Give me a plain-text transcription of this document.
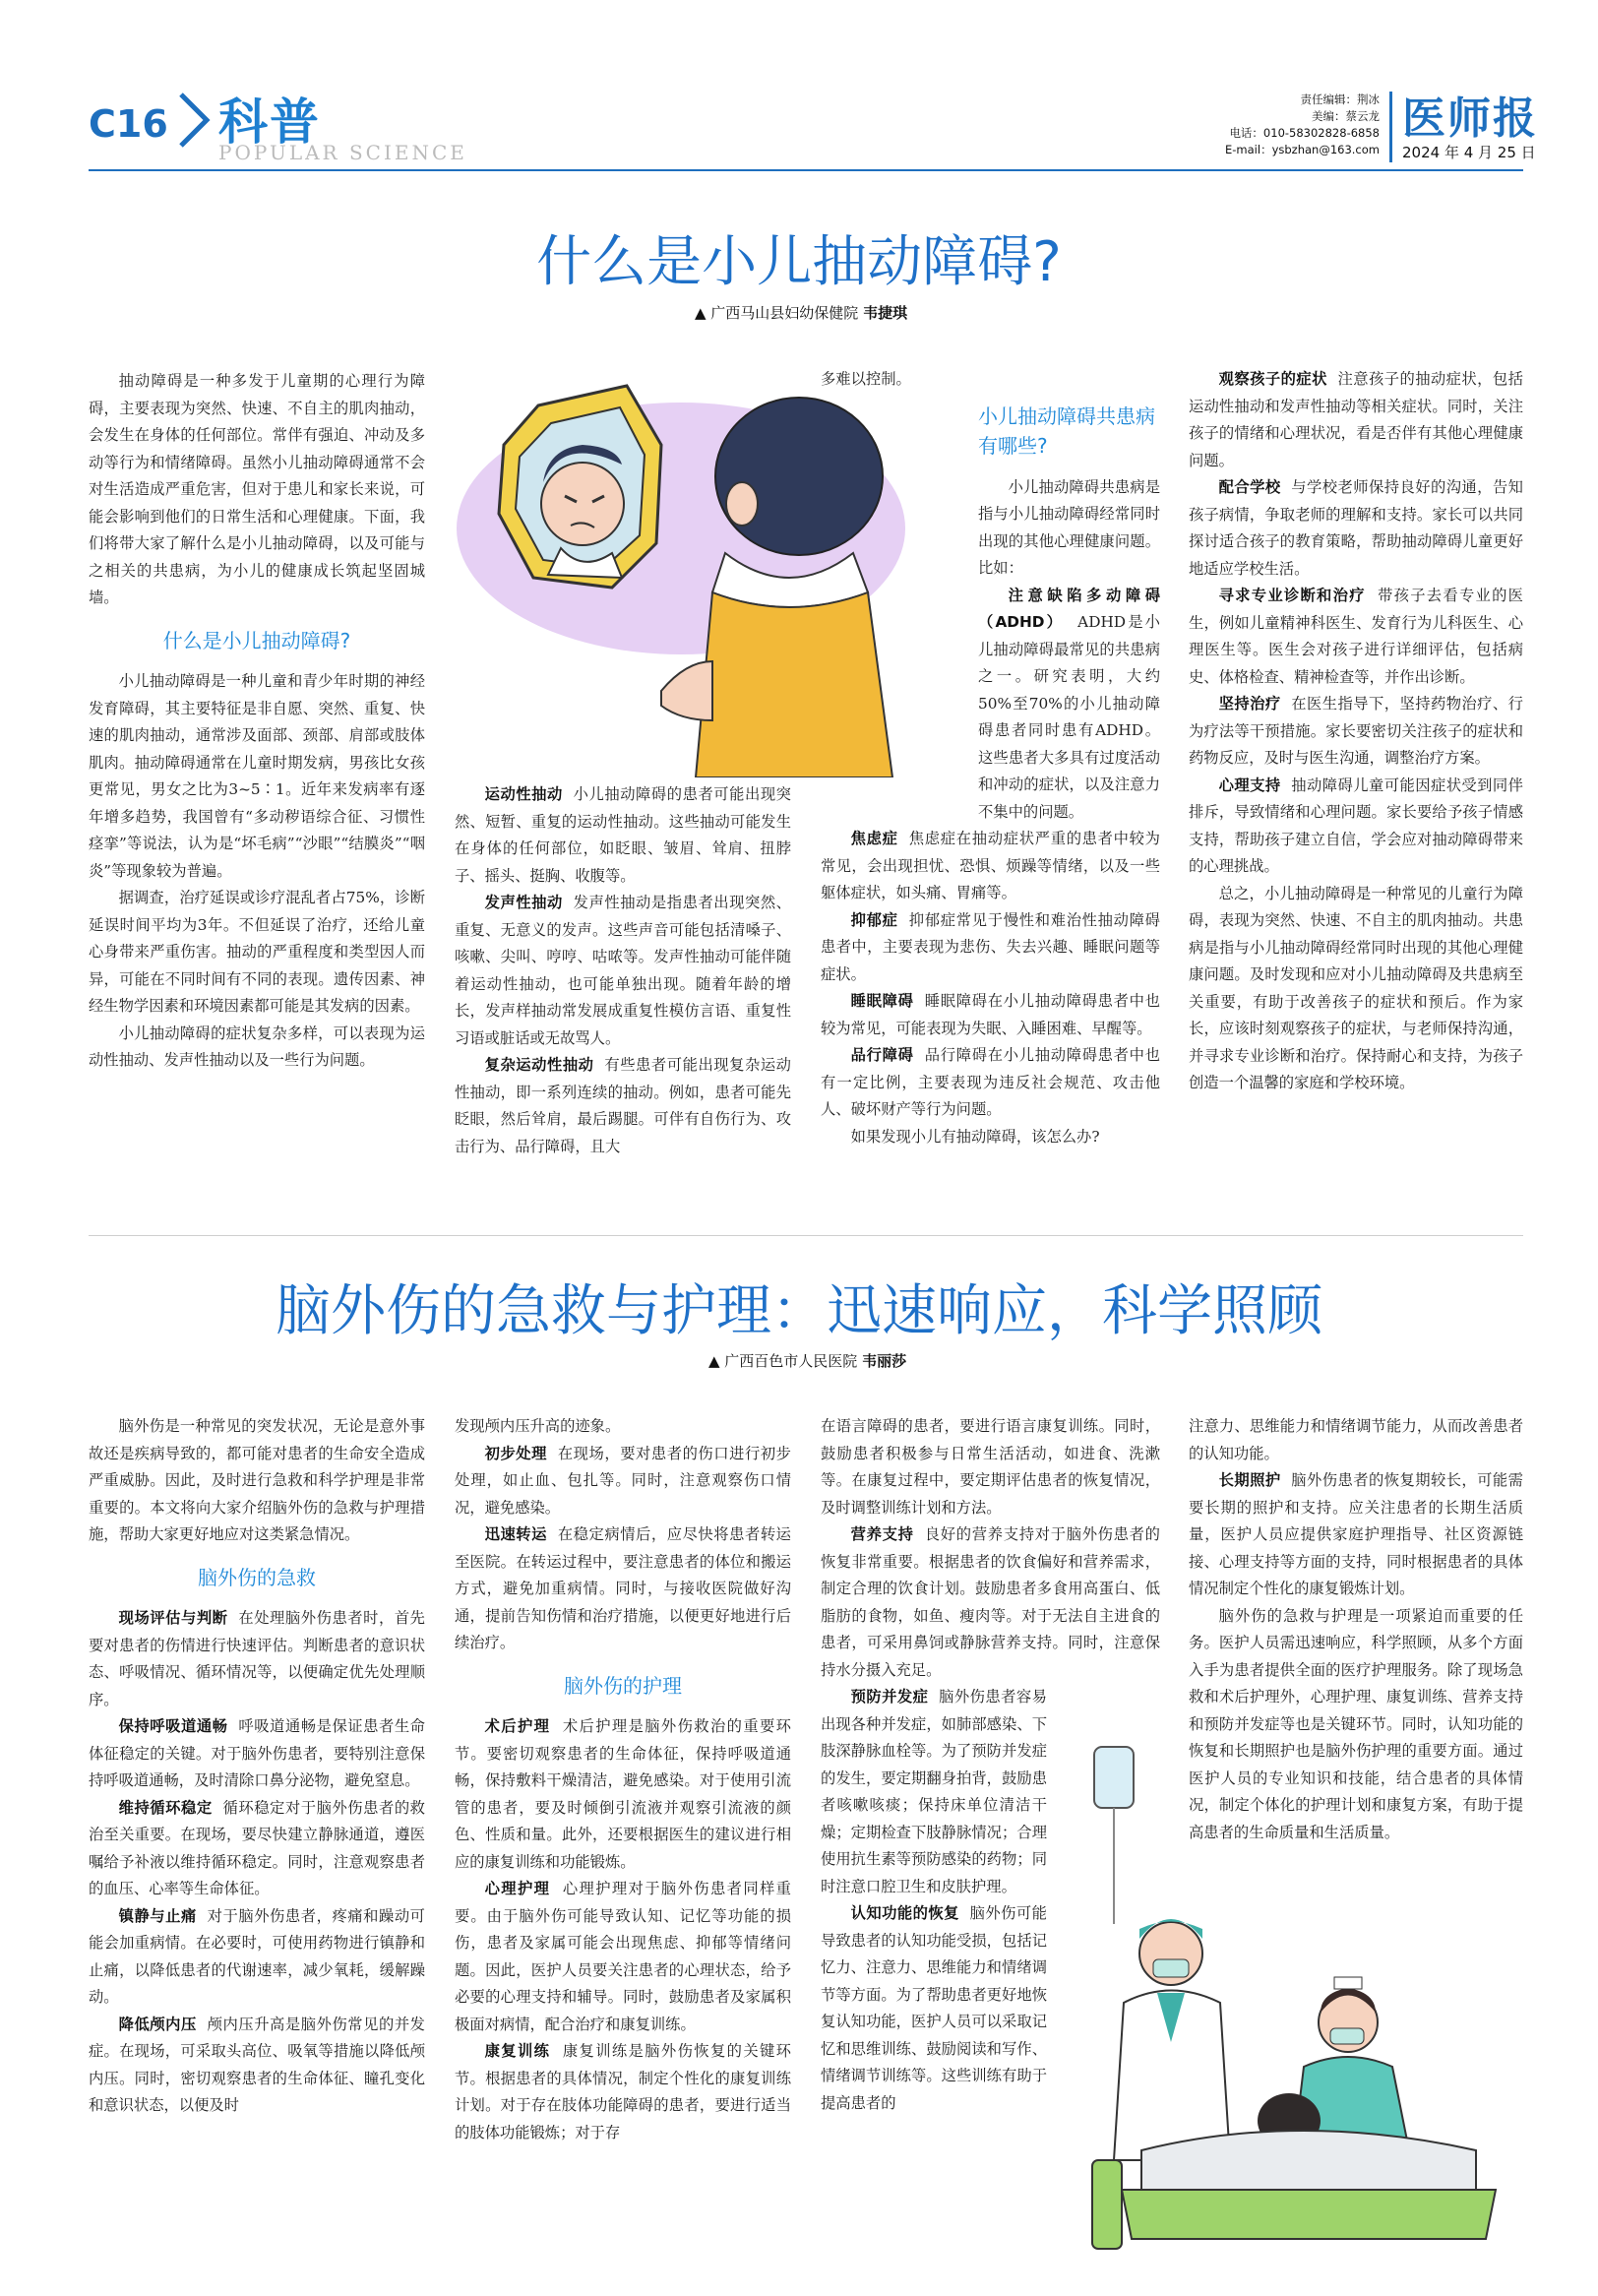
C16 科普
POPULAR SCIENCE
责任编辑：荆冰
美编：蔡云龙
电话：010-58302828-6858
E-mail：ysbzhan@163.com
医师报
2024 年 4 月 25 日
什么是小儿抽动障碍?
▲ 广西马山县妇幼保健院 韦捷琪

抽动障碍是一种多发于儿童期的心理行为障碍，主要表现为突然、快速、不自主的肌肉抽动，会发生在身体的任何部位。常伴有强迫、冲动及多动等行为和情绪障碍。虽然小儿抽动障碍通常不会对生活造成严重危害，但对于患儿和家长来说，可能会影响到他们的日常生活和心理健康。下面，我们将带大家了解什么是小儿抽动障碍，以及可能与之相关的共患病，为小儿的健康成长筑起坚固城墙。

什么是小儿抽动障碍?

小儿抽动障碍是一种儿童和青少年时期的神经发育障碍，其主要特征是非自愿、突然、重复、快速的肌肉抽动，通常涉及面部、颈部、肩部或肢体肌肉。抽动障碍通常在儿童时期发病，男孩比女孩更常见，男女之比为3~5∶1。近年来发病率有逐年增多趋势，我国曾有“多动秽语综合征、习惯性痉挛”等说法，认为是“坏毛病”“沙眼”“结膜炎”“咽炎”等现象较为普遍。

据调查，治疗延误或诊疗混乱者占75%，诊断延误时间平均为3年。不但延误了治疗，还给儿童心身带来严重伤害。抽动的严重程度和类型因人而异，可能在不同时间有不同的表现。遗传因素、神经生物学因素和环境因素都可能是其发病的因素。

小儿抽动障碍的症状复杂多样，可以表现为运动性抽动、发声性抽动以及一些行为问题。

运动性抽动 小儿抽动障碍的患者可能出现突然、短暂、重复的运动性抽动。这些抽动可能发生在身体的任何部位，如眨眼、皱眉、耸肩、扭脖子、摇头、挺胸、收腹等。

发声性抽动 发声性抽动是指患者出现突然、重复、无意义的发声。这些声音可能包括清嗓子、咳嗽、尖叫、哼哼、咕哝等。发声性抽动可能伴随着运动性抽动，也可能单独出现。随着年龄的增长，发声样抽动常发展成重复性模仿言语、重复性习语或脏话或无故骂人。

复杂运动性抽动 有些患者可能出现复杂运动性抽动，即一系列连续的抽动。例如，患者可能先眨眼，然后耸肩，最后踢腿。可伴有自伤行为、攻击行为、品行障碍，且大

多难以控制。

小儿抽动障碍共患病有哪些?

小儿抽动障碍共患病是指与小儿抽动障碍经常同时出现的其他心理健康问题。比如：

注意缺陷多动障碍（ADHD） ADHD是小儿抽动障碍最常见的共患病之一。研究表明，大约50%至70%的小儿抽动障碍患者同时患有ADHD。这些患者大多具有过度活动和冲动的症状，以及注意力不集中的问题。

焦虑症 焦虑症在抽动症状严重的患者中较为常见，会出现担忧、恐惧、烦躁等情绪，以及一些躯体症状，如头痛、胃痛等。

抑郁症 抑郁症常见于慢性和难治性抽动障碍患者中，主要表现为悲伤、失去兴趣、睡眠问题等症状。

睡眠障碍 睡眠障碍在小儿抽动障碍患者中也较为常见，可能表现为失眠、入睡困难、早醒等。

品行障碍 品行障碍在小儿抽动障碍患者中也有一定比例，主要表现为违反社会规范、攻击他人、破坏财产等行为问题。

如果发现小儿有抽动障碍，该怎么办?

观察孩子的症状 注意孩子的抽动症状，包括运动性抽动和发声性抽动等相关症状。同时，关注孩子的情绪和心理状况，看是否伴有其他心理健康问题。

配合学校 与学校老师保持良好的沟通，告知孩子病情，争取老师的理解和支持。家长可以共同探讨适合孩子的教育策略，帮助抽动障碍儿童更好地适应学校生活。

寻求专业诊断和治疗 带孩子去看专业的医生，例如儿童精神科医生、发育行为儿科医生、心理医生等。医生会对孩子进行详细评估，包括病史、体格检查、精神检查等，并作出诊断。

坚持治疗 在医生指导下，坚持药物治疗、行为疗法等干预措施。家长要密切关注孩子的症状和药物反应，及时与医生沟通，调整治疗方案。

心理支持 抽动障碍儿童可能因症状受到同伴排斥，导致情绪和心理问题。家长要给予孩子情感支持，帮助孩子建立自信，学会应对抽动障碍带来的心理挑战。

总之，小儿抽动障碍是一种常见的儿童行为障碍，表现为突然、快速、不自主的肌肉抽动。共患病是指与小儿抽动障碍经常同时出现的其他心理健康问题。及时发现和应对小儿抽动障碍及共患病至关重要，有助于改善孩子的症状和预后。作为家长，应该时刻观察孩子的症状，与老师保持沟通，并寻求专业诊断和治疗。保持耐心和支持，为孩子创造一个温馨的家庭和学校环境。

脑外伤的急救与护理：迅速响应，科学照顾
▲ 广西百色市人民医院 韦丽莎

脑外伤是一种常见的突发状况，无论是意外事故还是疾病导致的，都可能对患者的生命安全造成严重威胁。因此，及时进行急救和科学护理是非常重要的。本文将向大家介绍脑外伤的急救与护理措施，帮助大家更好地应对这类紧急情况。

脑外伤的急救

现场评估与判断 在处理脑外伤患者时，首先要对患者的伤情进行快速评估。判断患者的意识状态、呼吸情况、循环情况等，以便确定优先处理顺序。

保持呼吸道通畅 呼吸道通畅是保证患者生命体征稳定的关键。对于脑外伤患者，要特别注意保持呼吸道通畅，及时清除口鼻分泌物，避免窒息。

维持循环稳定 循环稳定对于脑外伤患者的救治至关重要。在现场，要尽快建立静脉通道，遵医嘱给予补液以维持循环稳定。同时，注意观察患者的血压、心率等生命体征。

镇静与止痛 对于脑外伤患者，疼痛和躁动可能会加重病情。在必要时，可使用药物进行镇静和止痛，以降低患者的代谢速率，减少氧耗，缓解躁动。

降低颅内压 颅内压升高是脑外伤常见的并发症。在现场，可采取头高位、吸氧等措施以降低颅内压。同时，密切观察患者的生命体征、瞳孔变化和意识状态，以便及时

发现颅内压升高的迹象。

初步处理 在现场，要对患者的伤口进行初步处理，如止血、包扎等。同时，注意观察伤口情况，避免感染。

迅速转运 在稳定病情后，应尽快将患者转运至医院。在转运过程中，要注意患者的体位和搬运方式，避免加重病情。同时，与接收医院做好沟通，提前告知伤情和治疗措施，以便更好地进行后续治疗。

脑外伤的护理

术后护理 术后护理是脑外伤救治的重要环节。要密切观察患者的生命体征，保持呼吸道通畅，保持敷料干燥清洁，避免感染。对于使用引流管的患者，要及时倾倒引流液并观察引流液的颜色、性质和量。此外，还要根据医生的建议进行相应的康复训练和功能锻炼。

心理护理 心理护理对于脑外伤患者同样重要。由于脑外伤可能导致认知、记忆等功能的损伤，患者及家属可能会出现焦虑、抑郁等情绪问题。因此，医护人员要关注患者的心理状态，给予必要的心理支持和辅导。同时，鼓励患者及家属积极面对病情，配合治疗和康复训练。

康复训练 康复训练是脑外伤恢复的关键环节。根据患者的具体情况，制定个性化的康复训练计划。对于存在肢体功能障碍的患者，要进行适当的肢体功能锻炼；对于存

在语言障碍的患者，要进行语言康复训练。同时，鼓励患者积极参与日常生活活动，如进食、洗漱等。在康复过程中，要定期评估患者的恢复情况，及时调整训练计划和方法。

营养支持 良好的营养支持对于脑外伤患者的恢复非常重要。根据患者的饮食偏好和营养需求，制定合理的饮食计划。鼓励患者多食用高蛋白、低脂肪的食物，如鱼、瘦肉等。对于无法自主进食的患者，可采用鼻饲或静脉营养支持。同时，注意保持水分摄入充足。

预防并发症 脑外伤患者容易出现各种并发症，如肺部感染、下肢深静脉血栓等。为了预防并发症的发生，要定期翻身拍背，鼓励患者咳嗽咳痰；保持床单位清洁干燥；定期检查下肢静脉情况；合理使用抗生素等预防感染的药物；同时注意口腔卫生和皮肤护理。

认知功能的恢复 脑外伤可能导致患者的认知功能受损，包括记忆力、注意力、思维能力和情绪调节等方面。为了帮助患者更好地恢复认知功能，医护人员可以采取记忆和思维训练、鼓励阅读和写作、情绪调节训练等。这些训练有助于提高患者的

注意力、思维能力和情绪调节能力，从而改善患者的认知功能。

长期照护 脑外伤患者的恢复期较长，可能需要长期的照护和支持。应关注患者的长期生活质量，医护人员应提供家庭护理指导、社区资源链接、心理支持等方面的支持，同时根据患者的具体情况制定个性化的康复锻炼计划。

脑外伤的急救与护理是一项紧迫而重要的任务。医护人员需迅速响应，科学照顾，从多个方面入手为患者提供全面的医疗护理服务。除了现场急救和术后护理外，心理护理、康复训练、营养支持和预防并发症等也是关键环节。同时，认知功能的恢复和长期照护也是脑外伤护理的重要方面。通过医护人员的专业知识和技能，结合患者的具体情况，制定个体化的护理计划和康复方案，有助于提高患者的生命质量和生活质量。
